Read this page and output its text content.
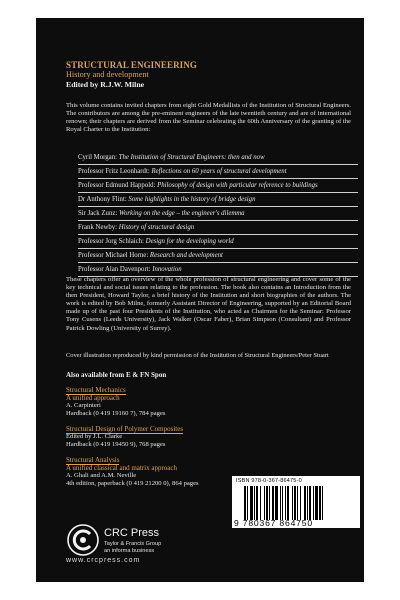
STRUCTURAL ENGINEERING
History and development
Edited by R.J.W. Milne
This volume contains invited chapters from eight Gold Medallists of the Institution of Structural Engineers. The contributors are among the pre-eminent engineers of the late twentieth century and are of international renown; their chapters are derived from the Seminar celebrating the 60th Anniversary of the granting of the Royal Charter to the Institution:
Cyril Morgan: The Institution of Structural Engineers: then and now
Professor Fritz Leonhardt: Reflections on 60 years of structural development
Professor Edmund Happold: Philosophy of design with particular reference to buildings
Dr Anthony Flint: Some highlights in the history of bridge design
Sir Jack Zunz: Working on the edge – the engineer's dilemma
Frank Newby: History of structural design
Professor Jorg Schlaich: Design for the developing world
Professor Michael Horne: Research and development
Professor Alan Davenport: Innovation
These chapters offer an overview of the whole profession of structural engineering and cover some of the key technical and social issues relating to the profession. The book also contains an Introduction from the then President, Howard Taylor, a brief history of the Institution and short biographies of the authors. The work is edited by Bob Milne, formerly Assistant Director of Engineering, supported by an Editorial Board made up of the past four Presidents of the Institution, who acted as Chairmen for the Seminar: Professor Tony Cusens (Leeds University), Jack Walker (Oscar Faber), Brian Simpson (Consultant) and Professor Patrick Dowling (University of Surrey).
Cover illustration reproduced by kind permission of the Institution of Structural Engineers/Peter Stuart
Also available from E & FN Spon
Structural Mechanics
A unified approach
A. Carpinteri
Hardback (0 419 19160 7), 784 pages
Structural Design of Polymer Composites
Edited by J.L. Clarke
Hardback (0 419 19450 9), 768 pages
Structural Analysis
A unified classical and matrix approach
A. Ghali and A.M. Neville
4th edition, paperback (0 419 21200 0), 864 pages	ISBN 978-0-367-86475-0
9 780367 864750
CRC Press
Taylor & Francis Group
an informa business
www.crcpress.com
